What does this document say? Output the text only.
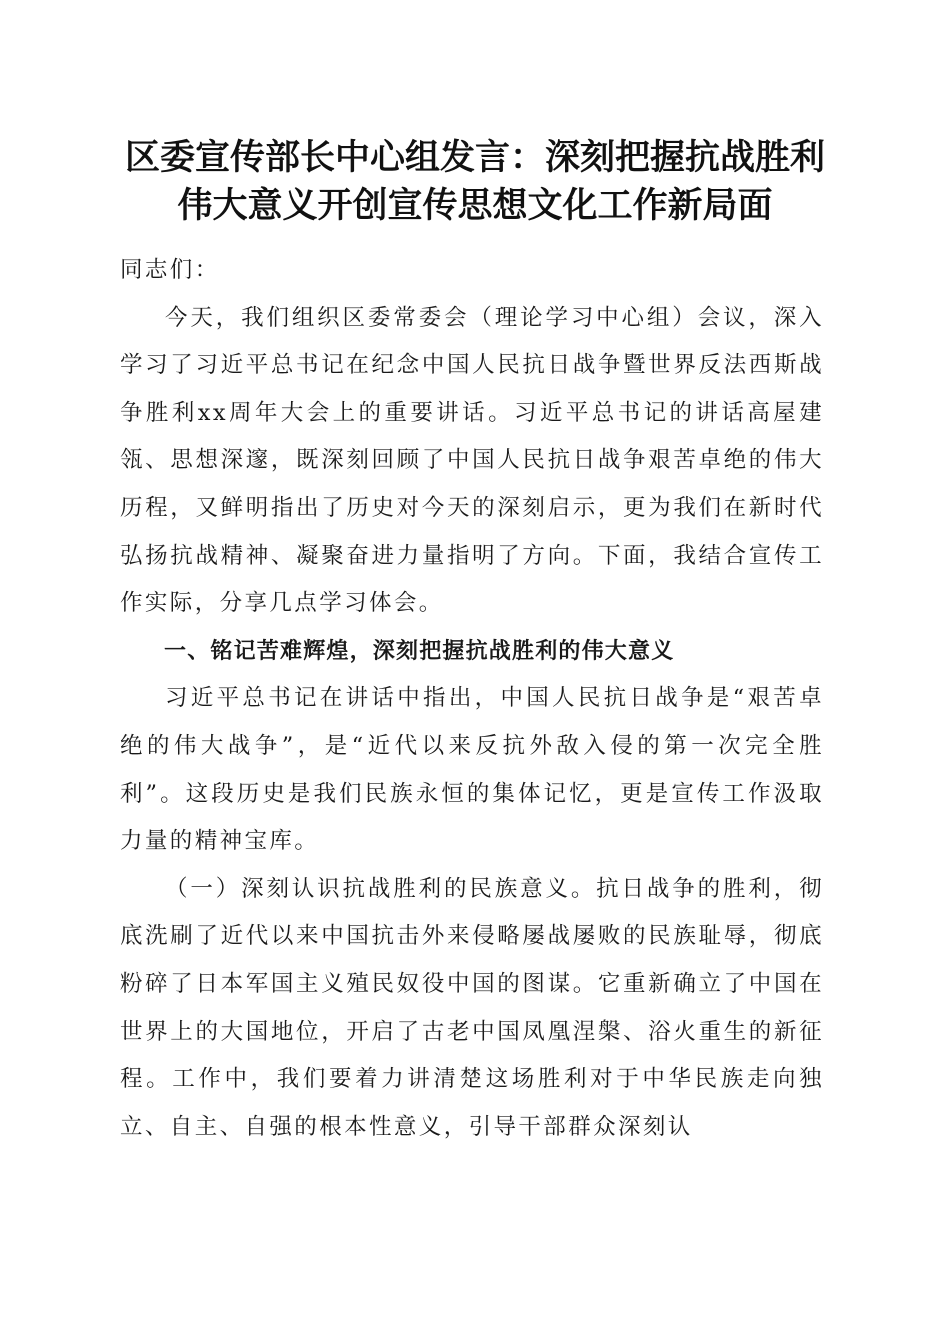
区委宣传部长中心组发言：深刻把握抗战胜利
伟大意义开创宣传思想文化工作新局面

同志们：

今天，我们组织区委常委会（理论学习中心组）会议，深入学习了习近平总书记在纪念中国人民抗日战争暨世界反法西斯战争胜利xx周年大会上的重要讲话。习近平总书记的讲话高屋建瓴、思想深邃，既深刻回顾了中国人民抗日战争艰苦卓绝的伟大历程，又鲜明指出了历史对今天的深刻启示，更为我们在新时代弘扬抗战精神、凝聚奋进力量指明了方向。下面，我结合宣传工作实际，分享几点学习体会。

一、铭记苦难辉煌，深刻把握抗战胜利的伟大意义

习近平总书记在讲话中指出，中国人民抗日战争是“艰苦卓绝的伟大战争”，是“近代以来反抗外敌入侵的第一次完全胜利”。这段历史是我们民族永恒的集体记忆，更是宣传工作汲取力量的精神宝库。

（一）深刻认识抗战胜利的民族意义。抗日战争的胜利，彻底洗刷了近代以来中国抗击外来侵略屡战屡败的民族耻辱，彻底粉碎了日本军国主义殖民奴役中国的图谋。它重新确立了中国在世界上的大国地位，开启了古老中国凤凰涅槃、浴火重生的新征程。工作中，我们要着力讲清楚这场胜利对于中华民族走向独立、自主、自强的根本性意义，引导干部群众深刻认
